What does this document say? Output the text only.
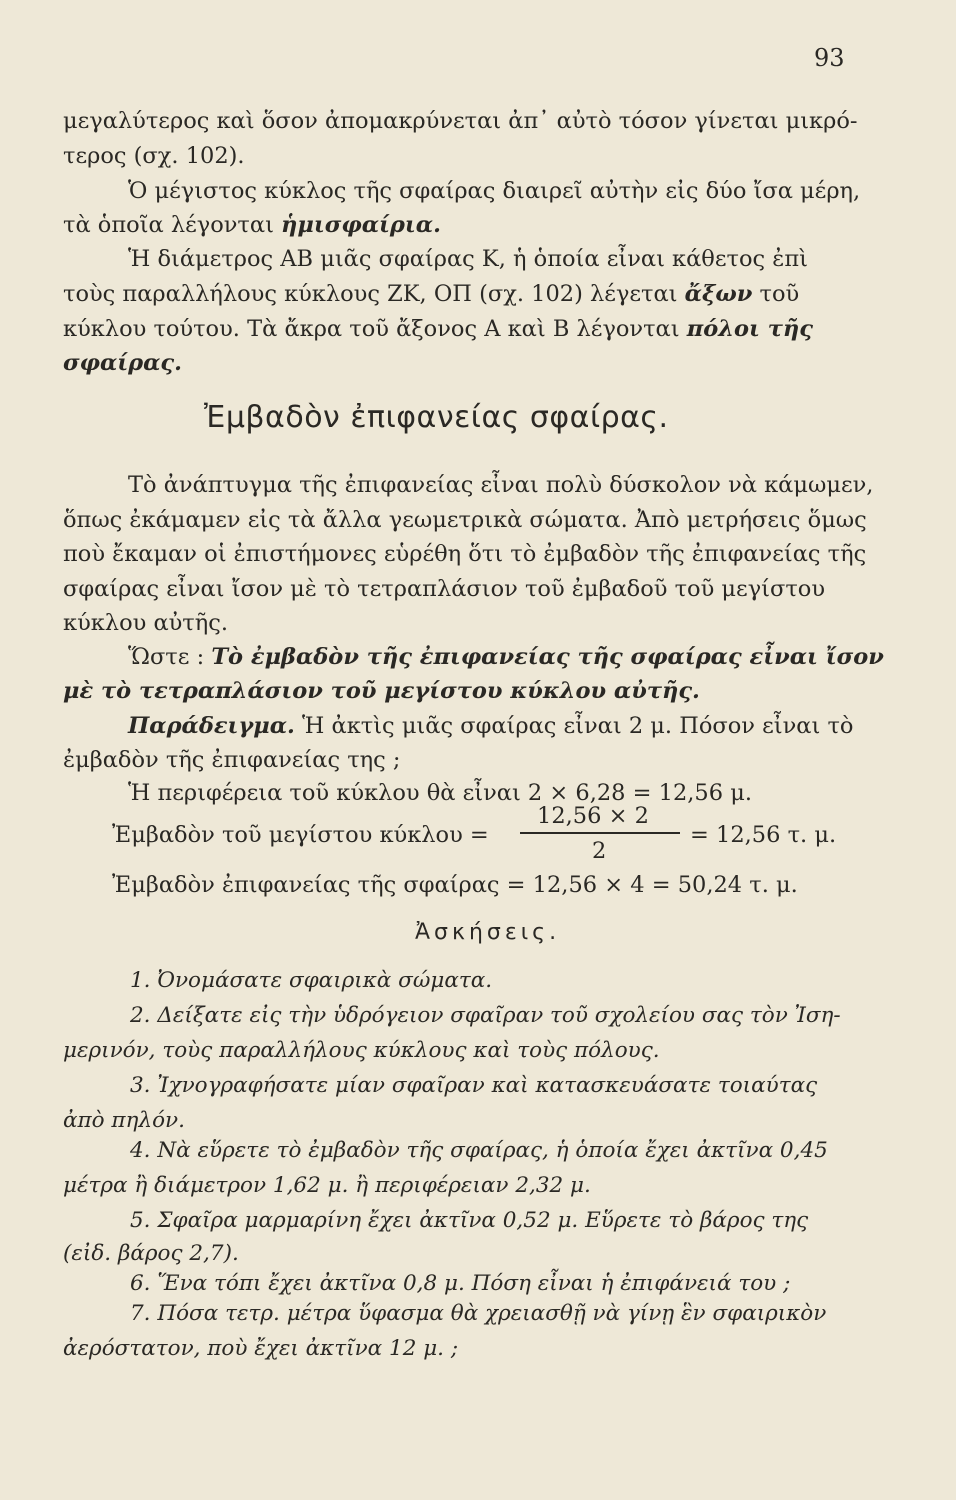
93
μεγαλύτερος καὶ ὅσον ἀπομακρύνεται ἀπ᾽ αὐτὸ τόσον γίνεται μικρό-
τερος (σχ. 102).
Ὁ μέγιστος κύκλος τῆς σφαίρας διαιρεῖ αὐτὴν εἰς δύο ἴσα μέρη,
τὰ ὁποῖα λέγονται ἡμισφαίρια.
Ἡ διάμετρος ΑΒ μιᾶς σφαίρας Κ, ἡ ὁποία εἶναι κάθετος ἐπὶ
τοὺς παραλλήλους κύκλους ΖΚ, ΟΠ (σχ. 102) λέγεται ἄξων τοῦ
κύκλου τούτου. Τὰ ἄκρα τοῦ ἄξονος Α καὶ Β λέγονται πόλοι τῆς
σφαίρας.
Ἐμβαδὸν ἐπιφανείας σφαίρας.
Τὸ ἀνάπτυγμα τῆς ἐπιφανείας εἶναι πολὺ δύσκολον νὰ κάμωμεν,
ὅπως ἐκάμαμεν εἰς τὰ ἄλλα γεωμετρικὰ σώματα. Ἀπὸ μετρήσεις ὅμως
ποὺ ἔκαμαν οἱ ἐπιστήμονες εὑρέθη ὅτι τὸ ἐμβαδὸν τῆς ἐπιφανείας τῆς
σφαίρας εἶναι ἴσον μὲ τὸ τετραπλάσιον τοῦ ἐμβαδοῦ τοῦ μεγίστου
κύκλου αὐτῆς.
Ὥστε : Τὸ ἐμβαδὸν τῆς ἐπιφανείας τῆς σφαίρας εἶναι ἴσον
μὲ τὸ τετραπλάσιον τοῦ μεγίστου κύκλου αὐτῆς.
Παράδειγμα. Ἡ ἀκτὶς μιᾶς σφαίρας εἶναι 2 μ. Πόσον εἶναι τὸ
ἐμβαδὸν τῆς ἐπιφανείας της ;
Ἡ περιφέρεια τοῦ κύκλου θὰ εἶναι 2 × 6,28 = 12,56 μ.
Ἐμβαδὸν τοῦ μεγίστου κύκλου =
12,56 × 2
2
= 12,56 τ. μ.
Ἐμβαδὸν ἐπιφανείας τῆς σφαίρας = 12,56 × 4 = 50,24 τ. μ.
Ἀσκήσεις.
1. Ὀνομάσατε σφαιρικὰ σώματα.
2. Δείξατε εἰς τὴν ὑδρόγειον σφαῖραν τοῦ σχολείου σας τὸν Ἰση-
μερινόν, τοὺς παραλλήλους κύκλους καὶ τοὺς πόλους.
3. Ἰχνογραφήσατε μίαν σφαῖραν καὶ κατασκευάσατε τοιαύτας
ἀπὸ πηλόν.
4. Νὰ εὕρετε τὸ ἐμβαδὸν τῆς σφαίρας, ἡ ὁποία ἔχει ἀκτῖνα 0,45
μέτρα ἢ διάμετρον 1,62 μ. ἢ περιφέρειαν 2,32 μ.
5. Σφαῖρα μαρμαρίνη ἔχει ἀκτῖνα 0,52 μ. Εὕρετε τὸ βάρος της
(εἰδ. βάρος 2,7).
6. Ἕνα τόπι ἔχει ἀκτῖνα 0,8 μ. Πόση εἶναι ἡ ἐπιφάνειά του ;
7. Πόσα τετρ. μέτρα ὕφασμα θὰ χρειασθῇ νὰ γίνῃ ἓν σφαιρικὸν
ἀερόστατον, ποὺ ἔχει ἀκτῖνα 12 μ. ;
